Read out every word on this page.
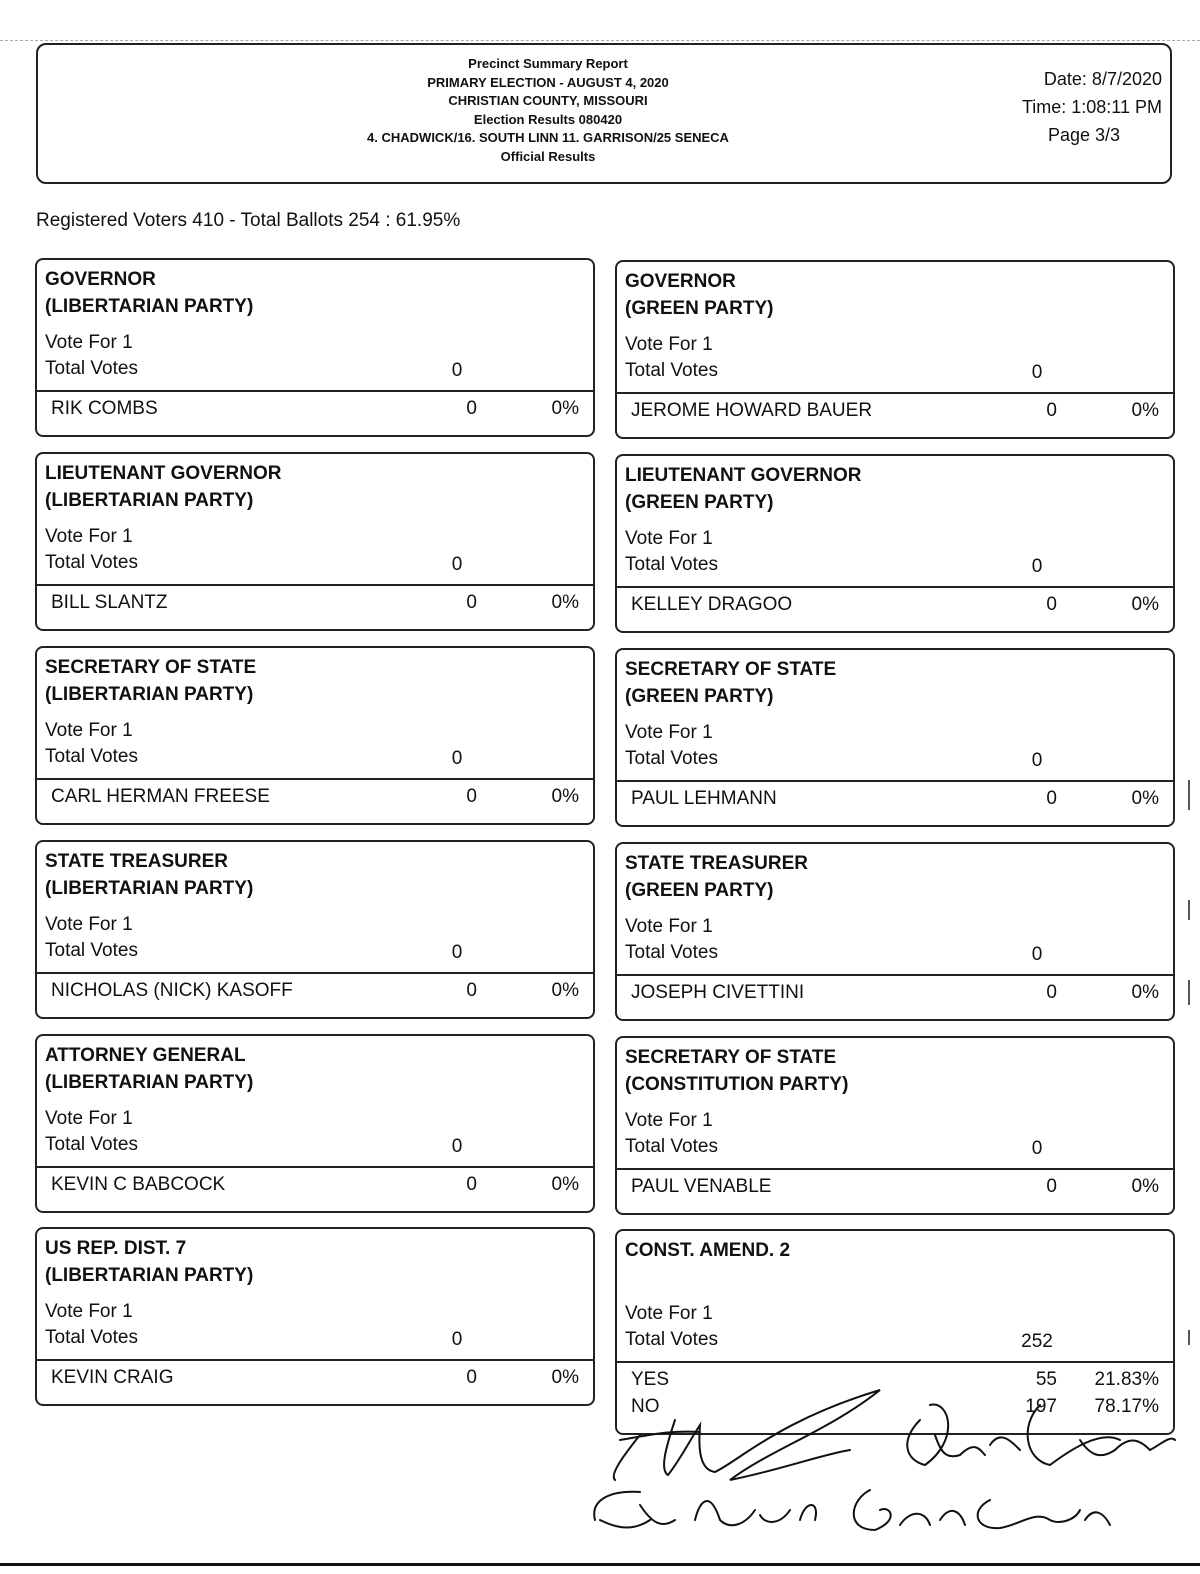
Precinct Summary Report
PRIMARY ELECTION - AUGUST 4, 2020
CHRISTIAN COUNTY, MISSOURI
Election Results 080420
4. CHADWICK/16. SOUTH LINN 11. GARRISON/25 SENECA
Official Results
Date: 8/7/2020
Time: 1:08:11 PM
Page 3/3
Registered Voters 410 - Total Ballots 254 : 61.95%
GOVERNOR
(LIBERTARIAN PARTY)
Vote For 1
Total Votes	0
RIK COMBS	0	0%
GOVERNOR
(GREEN PARTY)
Vote For 1
Total Votes	0
JEROME HOWARD BAUER	0	0%
LIEUTENANT GOVERNOR
(LIBERTARIAN PARTY)
Vote For 1
Total Votes	0
BILL SLANTZ	0	0%
LIEUTENANT GOVERNOR
(GREEN PARTY)
Vote For 1
Total Votes	0
KELLEY DRAGOO	0	0%
SECRETARY OF STATE
(LIBERTARIAN PARTY)
Vote For 1
Total Votes	0
CARL HERMAN FREESE	0	0%
SECRETARY OF STATE
(GREEN PARTY)
Vote For 1
Total Votes	0
PAUL LEHMANN	0	0%
STATE TREASURER
(LIBERTARIAN PARTY)
Vote For 1
Total Votes	0
NICHOLAS (NICK) KASOFF	0	0%
STATE TREASURER
(GREEN PARTY)
Vote For 1
Total Votes	0
JOSEPH CIVETTINI	0	0%
ATTORNEY GENERAL
(LIBERTARIAN PARTY)
Vote For 1
Total Votes	0
KEVIN C BABCOCK	0	0%
SECRETARY OF STATE
(CONSTITUTION PARTY)
Vote For 1
Total Votes	0
PAUL VENABLE	0	0%
US REP. DIST. 7
(LIBERTARIAN PARTY)
Vote For 1
Total Votes	0
KEVIN CRAIG	0	0%
CONST. AMEND. 2
Vote For 1
Total Votes	252
YES	55 21.83%
NO	197 78.17%
